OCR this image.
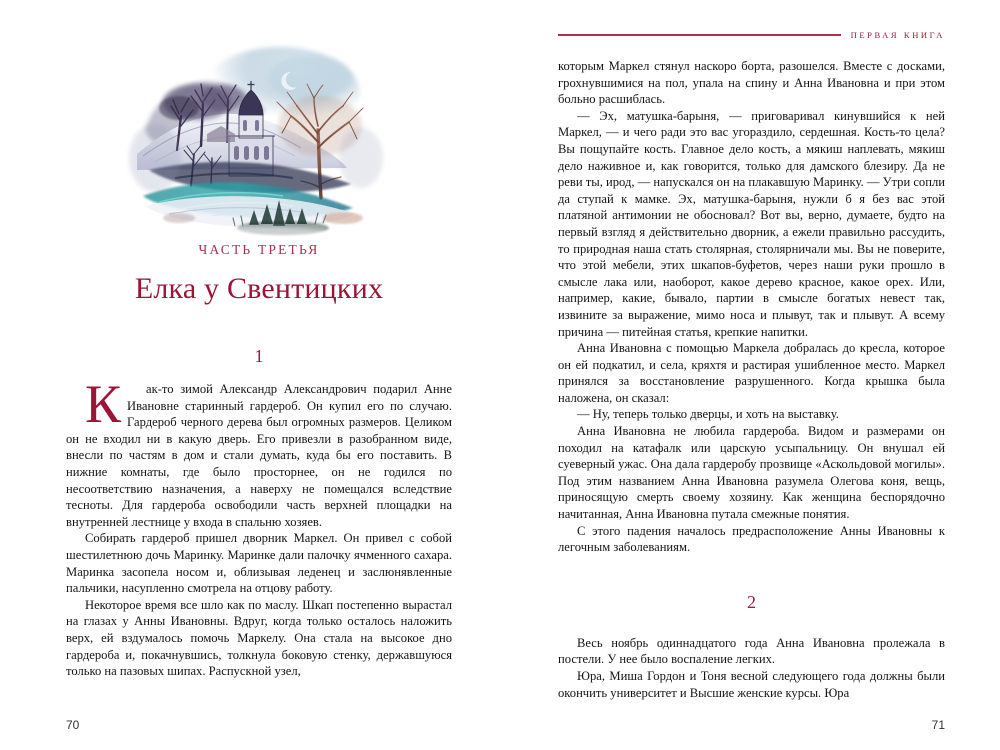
ЧАСТЬ ТРЕТЬЯ
Елка у Свентицких
1

К	ак-то зимой Александр Александрович подарил Анне Ивановне старинный гардероб. Он купил его по случаю. Гардероб черного дерева был огромных размеров. Целиком он не входил ни в какую дверь. Его привезли в разобранном виде, внесли по частям в дом и стали думать, куда бы его поставить. В нижние комнаты, где было просторнее, он не годился по несоответствию назначения, а наверху не помещался вследствие тесноты. Для гардероба освободили часть верхней площадки на внутренней лестнице у входа в спальню хозяев.

Собирать гардероб пришел дворник Маркел. Он привел с собой шестилетнюю дочь Маринку. Маринке дали палочку ячменного сахара. Маринка засопела носом и, облизывая леденец и заслюнявленные пальчики, насупленно смотрела на отцову работу.

Некоторое время все шло как по маслу. Шкап постепенно вырастал на глазах у Анны Ивановны. Вдруг, когда только осталось наложить верх, ей вздумалось помочь Маркелу. Она стала на высокое дно гардероба и, покачнувшись, толкнула боковую стенку, державшуюся только на пазовых шипах. Распускной узел,

70
ПЕРВАЯ КНИГА

которым Маркел стянул наскоро борта, разошелся. Вместе с досками, грохнувшимися на пол, упала на спину и Анна Ивановна и при этом больно расшиблась.

— Эх, матушка-барыня, — приговаривал кинувшийся к ней Маркел, — и чего ради это вас угораздило, сердешная. Кость-то цела? Вы пощупайте кость. Главное дело кость, а мякиш наплевать, мякиш дело наживное и, как говорится, только для дамского блезиру. Да не реви ты, ирод, — напускался он на плакавшую Маринку. — Утри сопли да ступай к мамке. Эх, матушка-барыня, нужли б я без вас этой платяной антимонии не обосновал? Вот вы, верно, думаете, будто на первый взгляд я действительно дворник, а ежели правильно рассудить, то природная наша стать столярная, столярничали мы. Вы не поверите, что этой мебели, этих шкапов-буфетов, через наши руки прошло в смысле лака или, наоборот, какое дерево красное, какое орех. Или, например, какие, бывало, партии в смысле богатых невест так, извините за выражение, мимо носа и плывут, так и плывут. А всему причина — питейная статья, крепкие напитки.

Анна Ивановна с помощью Маркела добралась до кресла, которое он ей подкатил, и села, кряхтя и растирая ушибленное место. Маркел принялся за восстановление разрушенного. Когда крышка была наложена, он сказал:

— Ну, теперь только дверцы, и хоть на выставку.

Анна Ивановна не любила гардероба. Видом и размерами он походил на катафалк или царскую усыпальницу. Он внушал ей суеверный ужас. Она дала гардеробу прозвище «Аскольдовой могилы». Под этим названием Анна Ивановна разумела Олегова коня, вещь, приносящую смерть своему хозяину. Как женщина беспорядочно начитанная, Анна Ивановна путала смежные понятия.

С этого падения началось предрасположение Анны Ивановны к легочным заболеваниям.

2

Весь ноябрь одиннадцатого года Анна Ивановна пролежала в постели. У нее было воспаление легких.

Юра, Миша Гордон и Тоня весной следующего года должны были окончить университет и Высшие женские курсы. Юра

71
